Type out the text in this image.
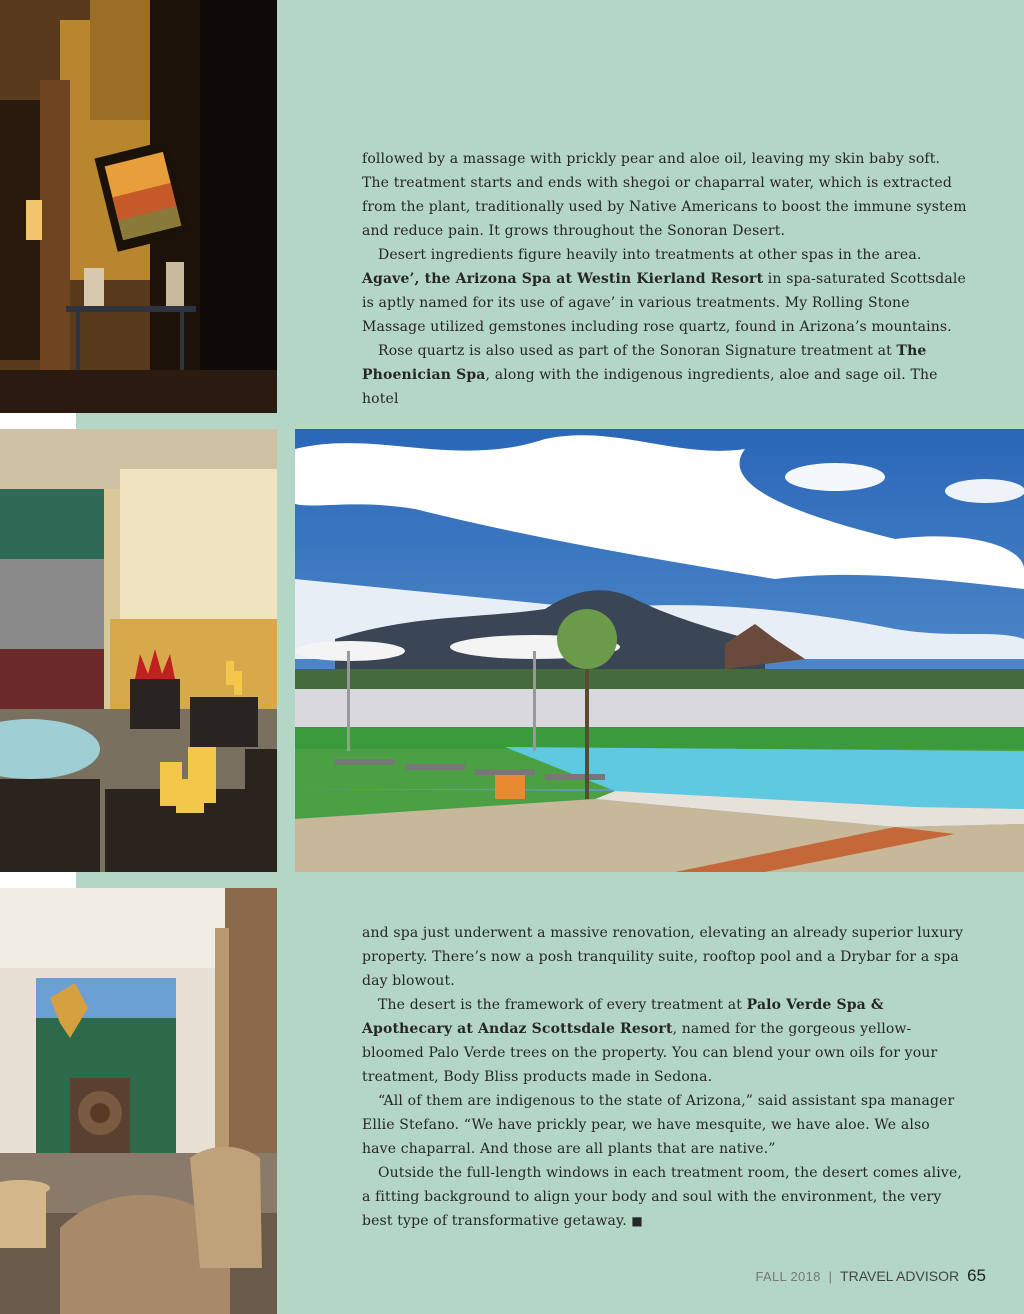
followed by a massage with prickly pear and aloe oil, leaving my skin baby soft. The treatment starts and ends with shegoi or chaparral water, which is extracted from the plant, traditionally used by Native Americans to boost the immune system and reduce pain. It grows throughout the Sonoran Desert.

Desert ingredients figure heavily into treatments at other spas in the area. Agave’, the Arizona Spa at Westin Kierland Resort in spa-saturated Scottsdale is aptly named for its use of agave’ in various treatments. My Rolling Stone Massage utilized gemstones including rose quartz, found in Arizona’s mountains.

Rose quartz is also used as part of the Sonoran Signature treatment at The Phoenician Spa, along with the indigenous ingredients, aloe and sage oil. The hotel

and spa just underwent a massive renovation, elevating an already superior luxury property. There’s now a posh tranquility suite, rooftop pool and a Drybar for a spa day blowout.

The desert is the framework of every treatment at Palo Verde Spa & Apothecary at Andaz Scottsdale Resort, named for the gorgeous yellow-bloomed Palo Verde trees on the property. You can blend your own oils for your treatment, Body Bliss products made in Sedona.

“All of them are indigenous to the state of Arizona,” said assistant spa manager Ellie Stefano. “We have prickly pear, we have mesquite, we have aloe. We also have chaparral. And those are all plants that are native.”

Outside the full-length windows in each treatment room, the desert comes alive, a fitting background to align your body and soul with the environment, the very best type of transformative getaway. ■

FALL 2018 | TRAVEL ADVISOR 65
